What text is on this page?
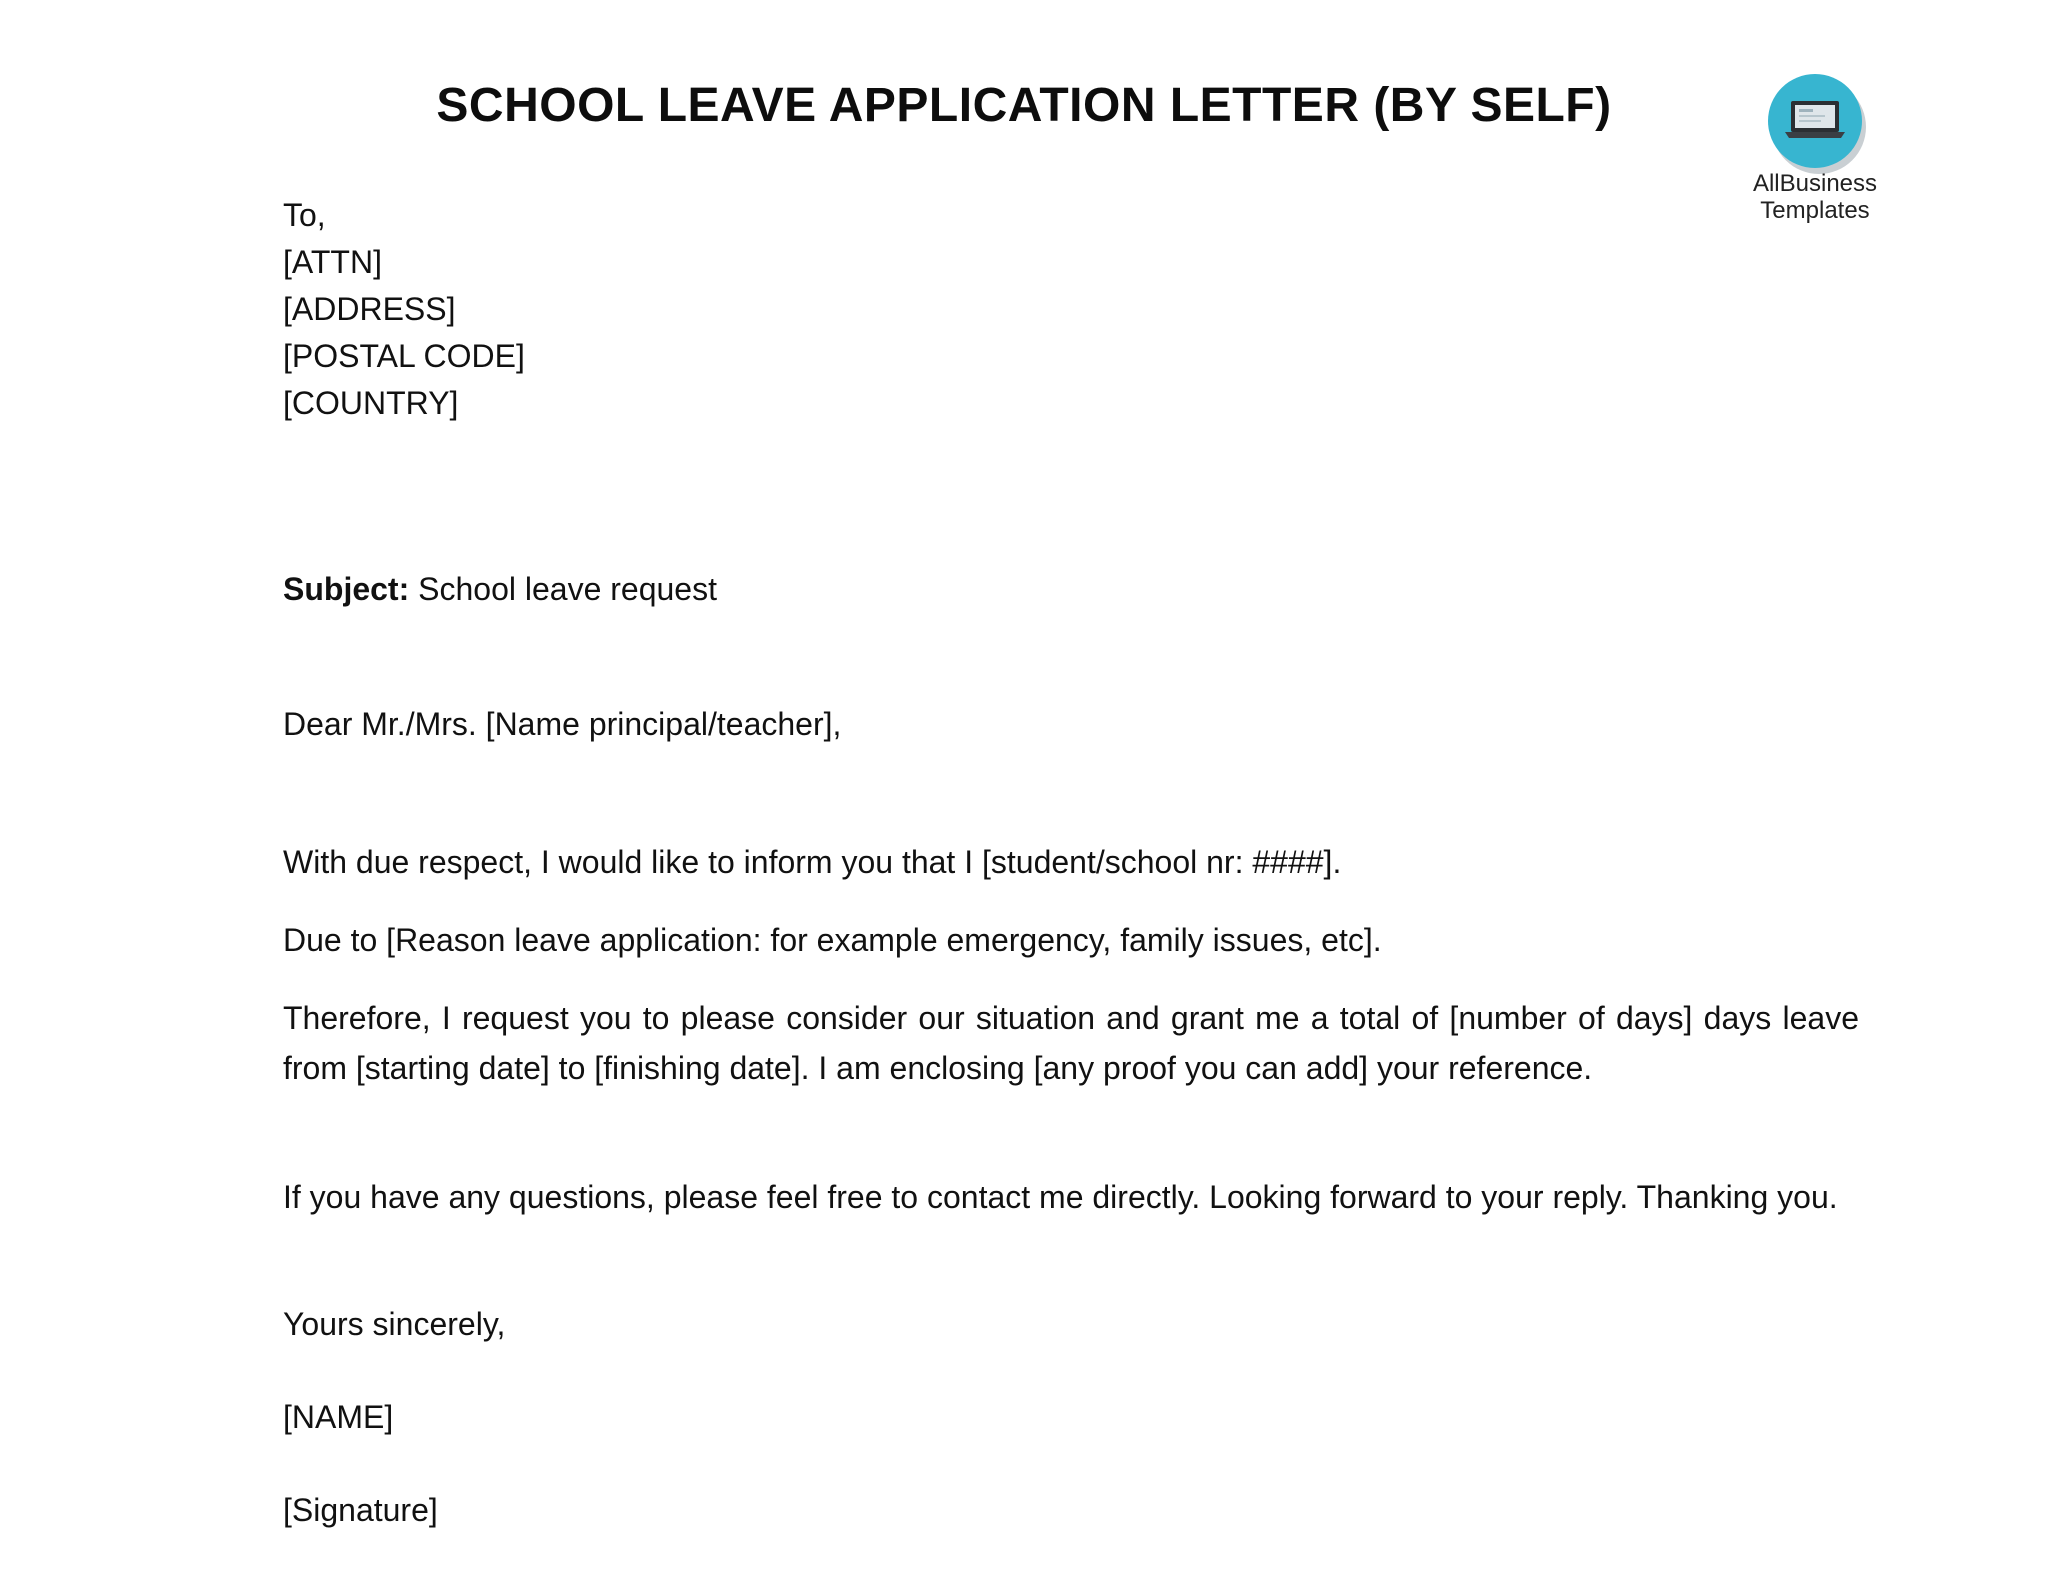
SCHOOL LEAVE APPLICATION LETTER (BY SELF)
AllBusiness
Templates
To,
[ATTN]
[ADDRESS]
[POSTAL CODE]
[COUNTRY]
Subject: School leave request
Dear Mr./Mrs. [Name principal/teacher],
With due respect, I would like to inform you that I [student/school nr: ####].
Due to [Reason leave application: for example emergency, family issues, etc].
Therefore, I request you to please consider our situation and grant me a total of [number of days] days leave from [starting date] to [finishing date]. I am enclosing [any proof you can add] your reference.
If you have any questions, please feel free to contact me directly. Looking forward to your reply. Thanking you.
Yours sincerely,
[NAME]
[Signature]
